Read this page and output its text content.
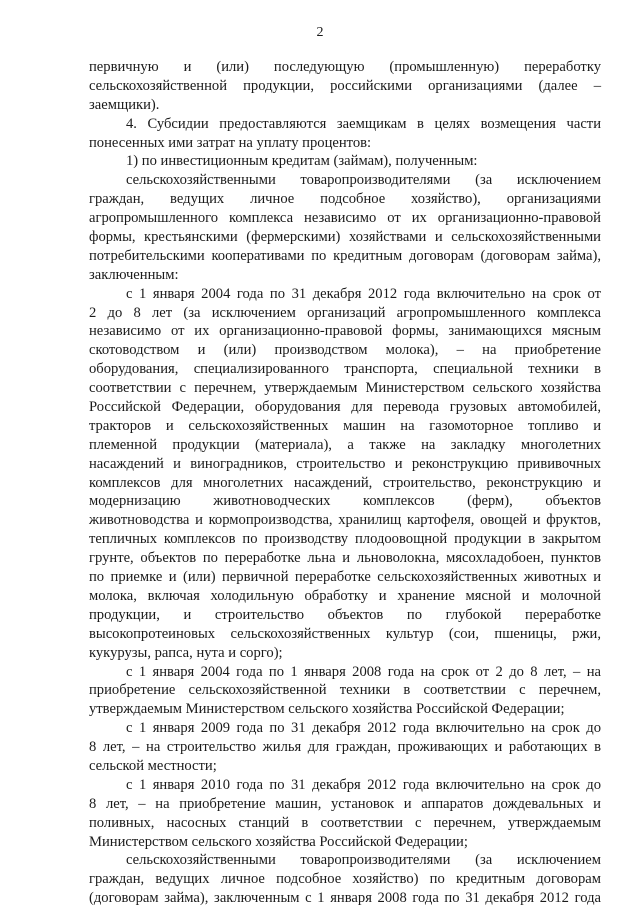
2
первичную и (или) последующую (промышленную) переработку
сельскохозяйственной продукции, российскими организациями (далее –
заемщики).
4. Субсидии предоставляются заемщикам в целях возмещения части
понесенных ими затрат на уплату процентов:
1) по инвестиционным кредитам (займам), полученным:
сельскохозяйственными товаропроизводителями (за исключением
граждан, ведущих личное подсобное хозяйство), организациями
агропромышленного комплекса независимо от их организационно-правовой
формы, крестьянскими (фермерскими) хозяйствами и сельскохозяйственными
потребительскими кооперативами по кредитным договорам (договорам займа),
заключенным:
с 1 января 2004 года по 31 декабря 2012 года включительно на срок от
2 до 8 лет (за исключением организаций агропромышленного комплекса
независимо от их организационно-правовой формы, занимающихся мясным
скотоводством и (или) производством молока), – на приобретение
оборудования, специализированного транспорта, специальной техники в
соответствии с перечнем, утверждаемым Министерством сельского хозяйства
Российской Федерации, оборудования для перевода грузовых автомобилей,
тракторов и сельскохозяйственных машин на газомоторное топливо и
племенной продукции (материала), а также на закладку многолетних
насаждений и виноградников, строительство и реконструкцию прививочных
комплексов для многолетних насаждений, строительство, реконструкцию и
модернизацию животноводческих комплексов (ферм), объектов
животноводства и кормопроизводства, хранилищ картофеля, овощей и фруктов,
тепличных комплексов по производству плодоовощной продукции в закрытом
грунте, объектов по переработке льна и льноволокна, мясохладобоен, пунктов
по приемке и (или) первичной переработке сельскохозяйственных животных и
молока, включая холодильную обработку и хранение мясной и молочной
продукции, и строительство объектов по глубокой переработке
высокопротеиновых сельскохозяйственных культур (сои, пшеницы, ржи,
кукурузы, рапса, нута и сорго);
с 1 января 2004 года по 1 января 2008 года на срок от 2 до 8 лет, – на
приобретение сельскохозяйственной техники в соответствии с перечнем,
утверждаемым Министерством сельского хозяйства Российской Федерации;
с 1 января 2009 года по 31 декабря 2012 года включительно на срок до
8 лет, – на строительство жилья для граждан, проживающих и работающих в
сельской местности;
с 1 января 2010 года по 31 декабря 2012 года включительно на срок до
8 лет, – на приобретение машин, установок и аппаратов дождевальных и
поливных, насосных станций в соответствии с перечнем, утверждаемым
Министерством сельского хозяйства Российской Федерации;
сельскохозяйственными товаропроизводителями (за исключением
граждан, ведущих личное подсобное хозяйство) по кредитным договорам
(договорам займа), заключенным с 1 января 2008 года по 31 декабря 2012 года
